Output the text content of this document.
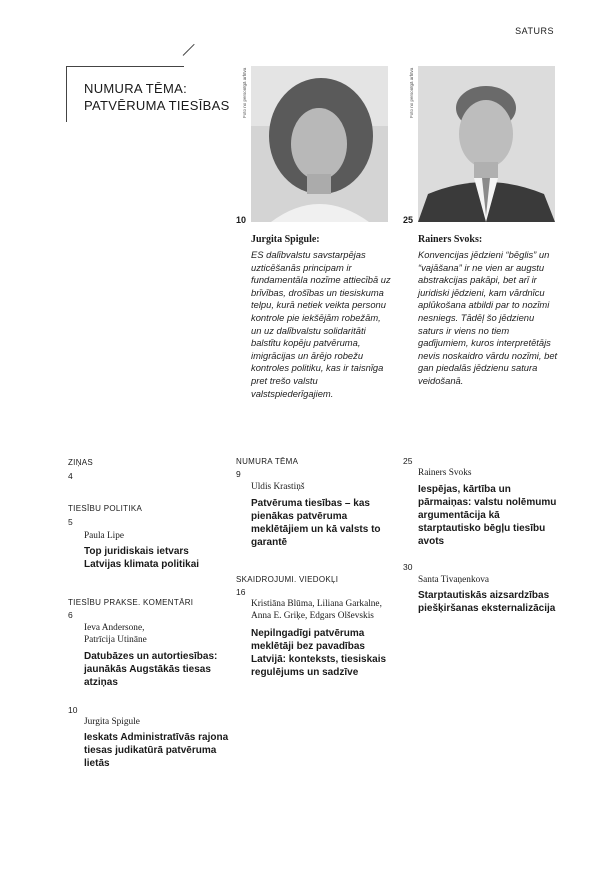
SATURS
NUMURA TĒMA:
PATVĒRUMA TIESĪBAS	Foto no personīgā arhīva
10
Jurgita Spigule:
ES dalībvalstu savstarpējas uzticēšanās principam ir fundamentāla nozīme attiecībā uz brīvības, drošības un tiesiskuma telpu, kurā netiek veikta personu kontrole pie iekšējām robežām, un uz dalībvalstu solidaritāti balstītu kopēju patvēruma, imigrācijas un ārējo robežu kontroles politiku, kas ir taisnīga pret trešo valstu valstspiederīgajiem.
Foto no personīgā arhīva
25
Rainers Svoks:
Konvencijas jēdzieni “bēglis” un “vajāšana” ir ne vien ar augstu abstrakcijas pakāpi, bet arī ir juridiski jēdzieni, kam vārdnīcu aplūkošana atbildi par to nozīmi nesniegs. Tādēļ šo jēdzienu saturs ir viens no tiem gadījumiem, kuros interpretētājs nevis noskaidro vārdu nozīmi, bet gan piedalās jēdzienu satura veidošanā.
ZIŅAS
4
TIESĪBU POLITIKA
5
Paula Lipe
Top juridiskais ietvars Latvijas klimata politikai
TIESĪBU PRAKSE. KOMENTĀRI
6
Ieva Andersone,
Patrīcija Utināne
Datubāzes un autortiesības: jaunākās Augstākās tiesas atziņas
10
Jurgita Spigule
Ieskats Administratīvās rajona tiesas judikatūrā patvēruma lietās
NUMURA TĒMA
9
Uldis Krastiņš
Patvēruma tiesības – kas pienākas patvēruma meklētājiem un kā valsts to garantē
SKAIDROJUMI. VIEDOKĻI
16
Kristiāna Blūma, Liliana Garkalne,
Anna E. Griķe, Edgars Olševskis
Nepilngadīgi patvēruma meklētāji bez pavadības Latvijā: konteksts, tiesiskais regulējums un sadzīve
25
Rainers Svoks
Iespējas, kārtība un pārmaiņas: valstu nolēmumu argumentācija kā starptautisko bēgļu tiesību avots
30
Santa Tivaņenkova
Starptautiskās aizsardzības piešķiršanas eksternalizācija
